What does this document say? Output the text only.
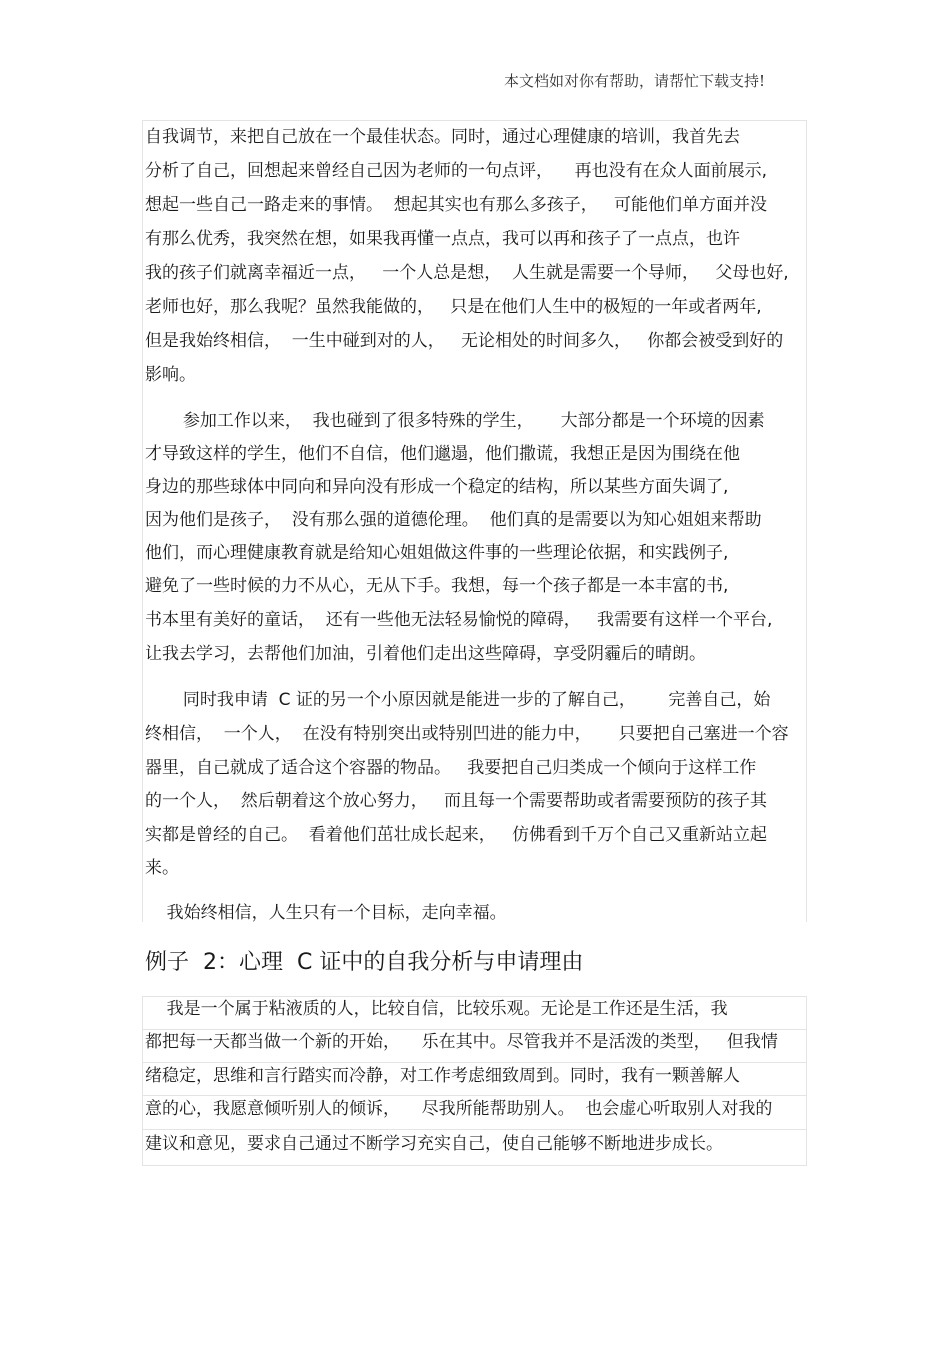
本文档如对你有帮助，请帮忙下载支持!
自我调节，来把自己放在一个最佳状态。同时，通过心理健康的培训，我首先去
分析了自己，回想起来曾经自己因为老师的一句点评，    再也没有在众人面前展示,
想起一些自己一路走来的事情。  想起其实也有那么多孩子，   可能他们单方面并没
有那么优秀，我突然在想，如果我再懂一点点，我可以再和孩子了一点点，也许
我的孩子们就离幸福近一点，   一个人总是想，  人生就是需要一个导师，   父母也好,
老师也好，那么我呢？虽然我能做的，   只是在他们人生中的极短的一年或者两年,
但是我始终相信，  一生中碰到对的人，   无论相处的时间多久，   你都会被受到好的
影响。
参加工作以来，  我也碰到了很多特殊的学生，     大部分都是一个环境的因素
才导致这样的学生，他们不自信，他们邋遢，他们撒谎，我想正是因为围绕在他
身边的那些球体中同向和异向没有形成一个稳定的结构，所以某些方面失调了,
因为他们是孩子，  没有那么强的道德伦理。  他们真的是需要以为知心姐姐来帮助
他们，而心理健康教育就是给知心姐姐做这件事的一些理论依据，和实践例子,
避免了一些时候的力不从心，无从下手。我想，每一个孩子都是一本丰富的书,
书本里有美好的童话，  还有一些他无法轻易愉悦的障碍，   我需要有这样一个平台,
让我去学习，去帮他们加油，引着他们走出这些障碍，享受阴霾后的晴朗。
同时我申请  C 证的另一个小原因就是能进一步的了解自己，      完善自己，始
终相信，  一个人，  在没有特别突出或特别凹进的能力中，     只要把自己塞进一个容
器里，自己就成了适合这个容器的物品。   我要把自己归类成一个倾向于这样工作
的一个人，  然后朝着这个放心努力，   而且每一个需要帮助或者需要预防的孩子其
实都是曾经的自己。  看着他们茁壮成长起来，   仿佛看到千万个自己又重新站立起
来。
我始终相信，人生只有一个目标，走向幸福。
例子  2：心理  C 证中的自我分析与申请理由
我是一个属于粘液质的人，比较自信，比较乐观。无论是工作还是生活，我
都把每一天都当做一个新的开始，    乐在其中。尽管我并不是活泼的类型，   但我情
绪稳定，思维和言行踏实而冷静，对工作考虑细致周到。同时，我有一颗善解人
意的心，我愿意倾听别人的倾诉，    尽我所能帮助别人。  也会虚心听取别人对我的
建议和意见，要求自己通过不断学习充实自己，使自己能够不断地进步成长。
